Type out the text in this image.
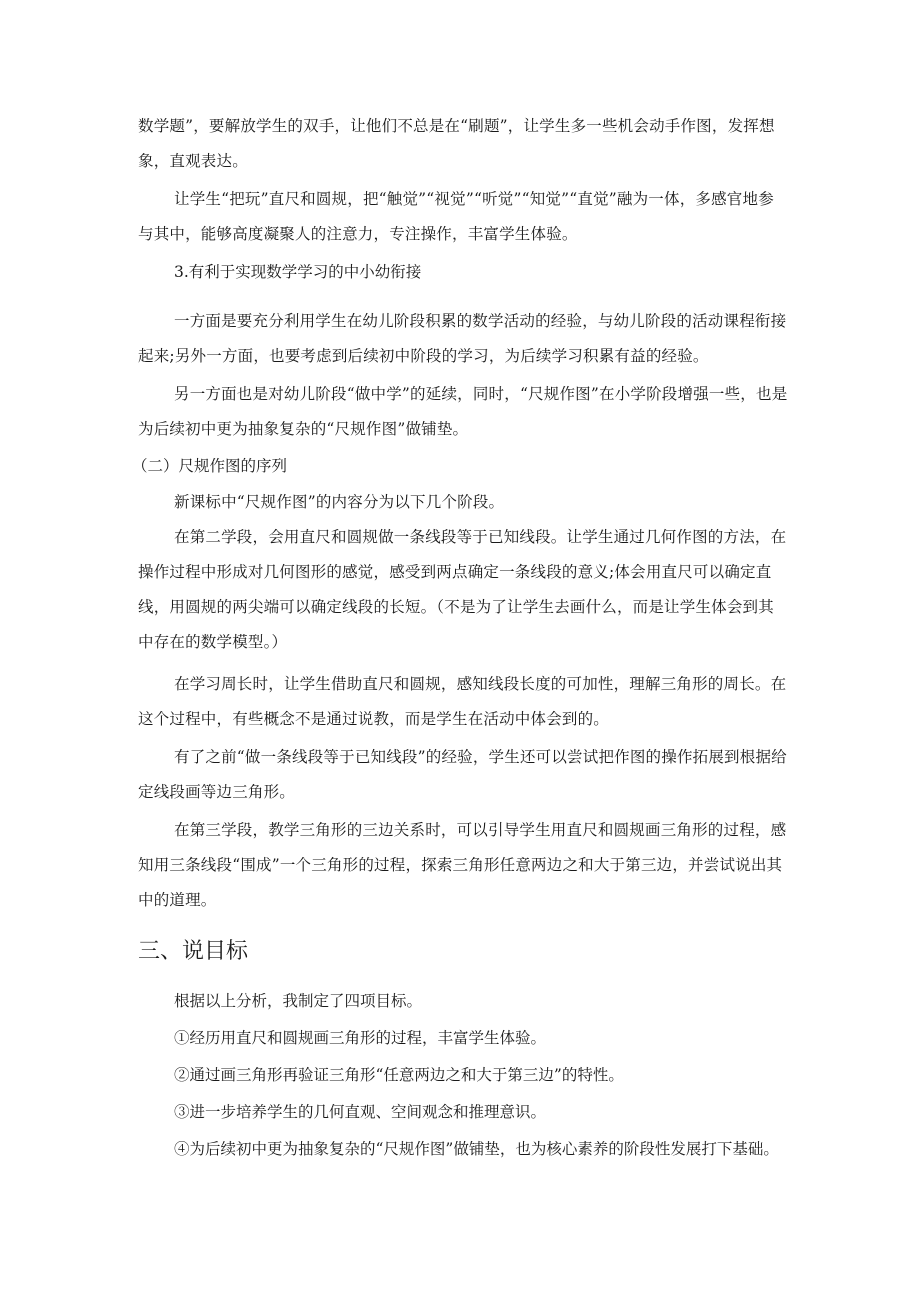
数学题”，要解放学生的双手，让他们不总是在“刷题”，让学生多一些机会动手作图，发挥想象，直观表达。

让学生“把玩”直尺和圆规，把“触觉”“视觉”“听觉”“知觉”“直觉”融为一体，多感官地参与其中，能够高度凝聚人的注意力，专注操作，丰富学生体验。

3.有利于实现数学学习的中小幼衔接

一方面是要充分利用学生在幼儿阶段积累的数学活动的经验，与幼儿阶段的活动课程衔接起来;另外一方面，也要考虑到后续初中阶段的学习，为后续学习积累有益的经验。

另一方面也是对幼儿阶段“做中学”的延续，同时，“尺规作图”在小学阶段增强一些，也是为后续初中更为抽象复杂的“尺规作图”做铺垫。

（二）尺规作图的序列

新课标中“尺规作图”的内容分为以下几个阶段。

在第二学段，会用直尺和圆规做一条线段等于已知线段。让学生通过几何作图的方法，在操作过程中形成对几何图形的感觉，感受到两点确定一条线段的意义;体会用直尺可以确定直线，用圆规的两尖端可以确定线段的长短。（不是为了让学生去画什么，而是让学生体会到其中存在的数学模型。）

在学习周长时，让学生借助直尺和圆规，感知线段长度的可加性，理解三角形的周长。在这个过程中，有些概念不是通过说教，而是学生在活动中体会到的。

有了之前“做一条线段等于已知线段”的经验，学生还可以尝试把作图的操作拓展到根据给定线段画等边三角形。

在第三学段，教学三角形的三边关系时，可以引导学生用直尺和圆规画三角形的过程，感知用三条线段“围成”一个三角形的过程，探索三角形任意两边之和大于第三边，并尝试说出其中的道理。

三、说目标

根据以上分析，我制定了四项目标。

①经历用直尺和圆规画三角形的过程，丰富学生体验。

②通过画三角形再验证三角形“任意两边之和大于第三边”的特性。

③进一步培养学生的几何直观、空间观念和推理意识。

④为后续初中更为抽象复杂的“尺规作图”做铺垫，也为核心素养的阶段性发展打下基础。
